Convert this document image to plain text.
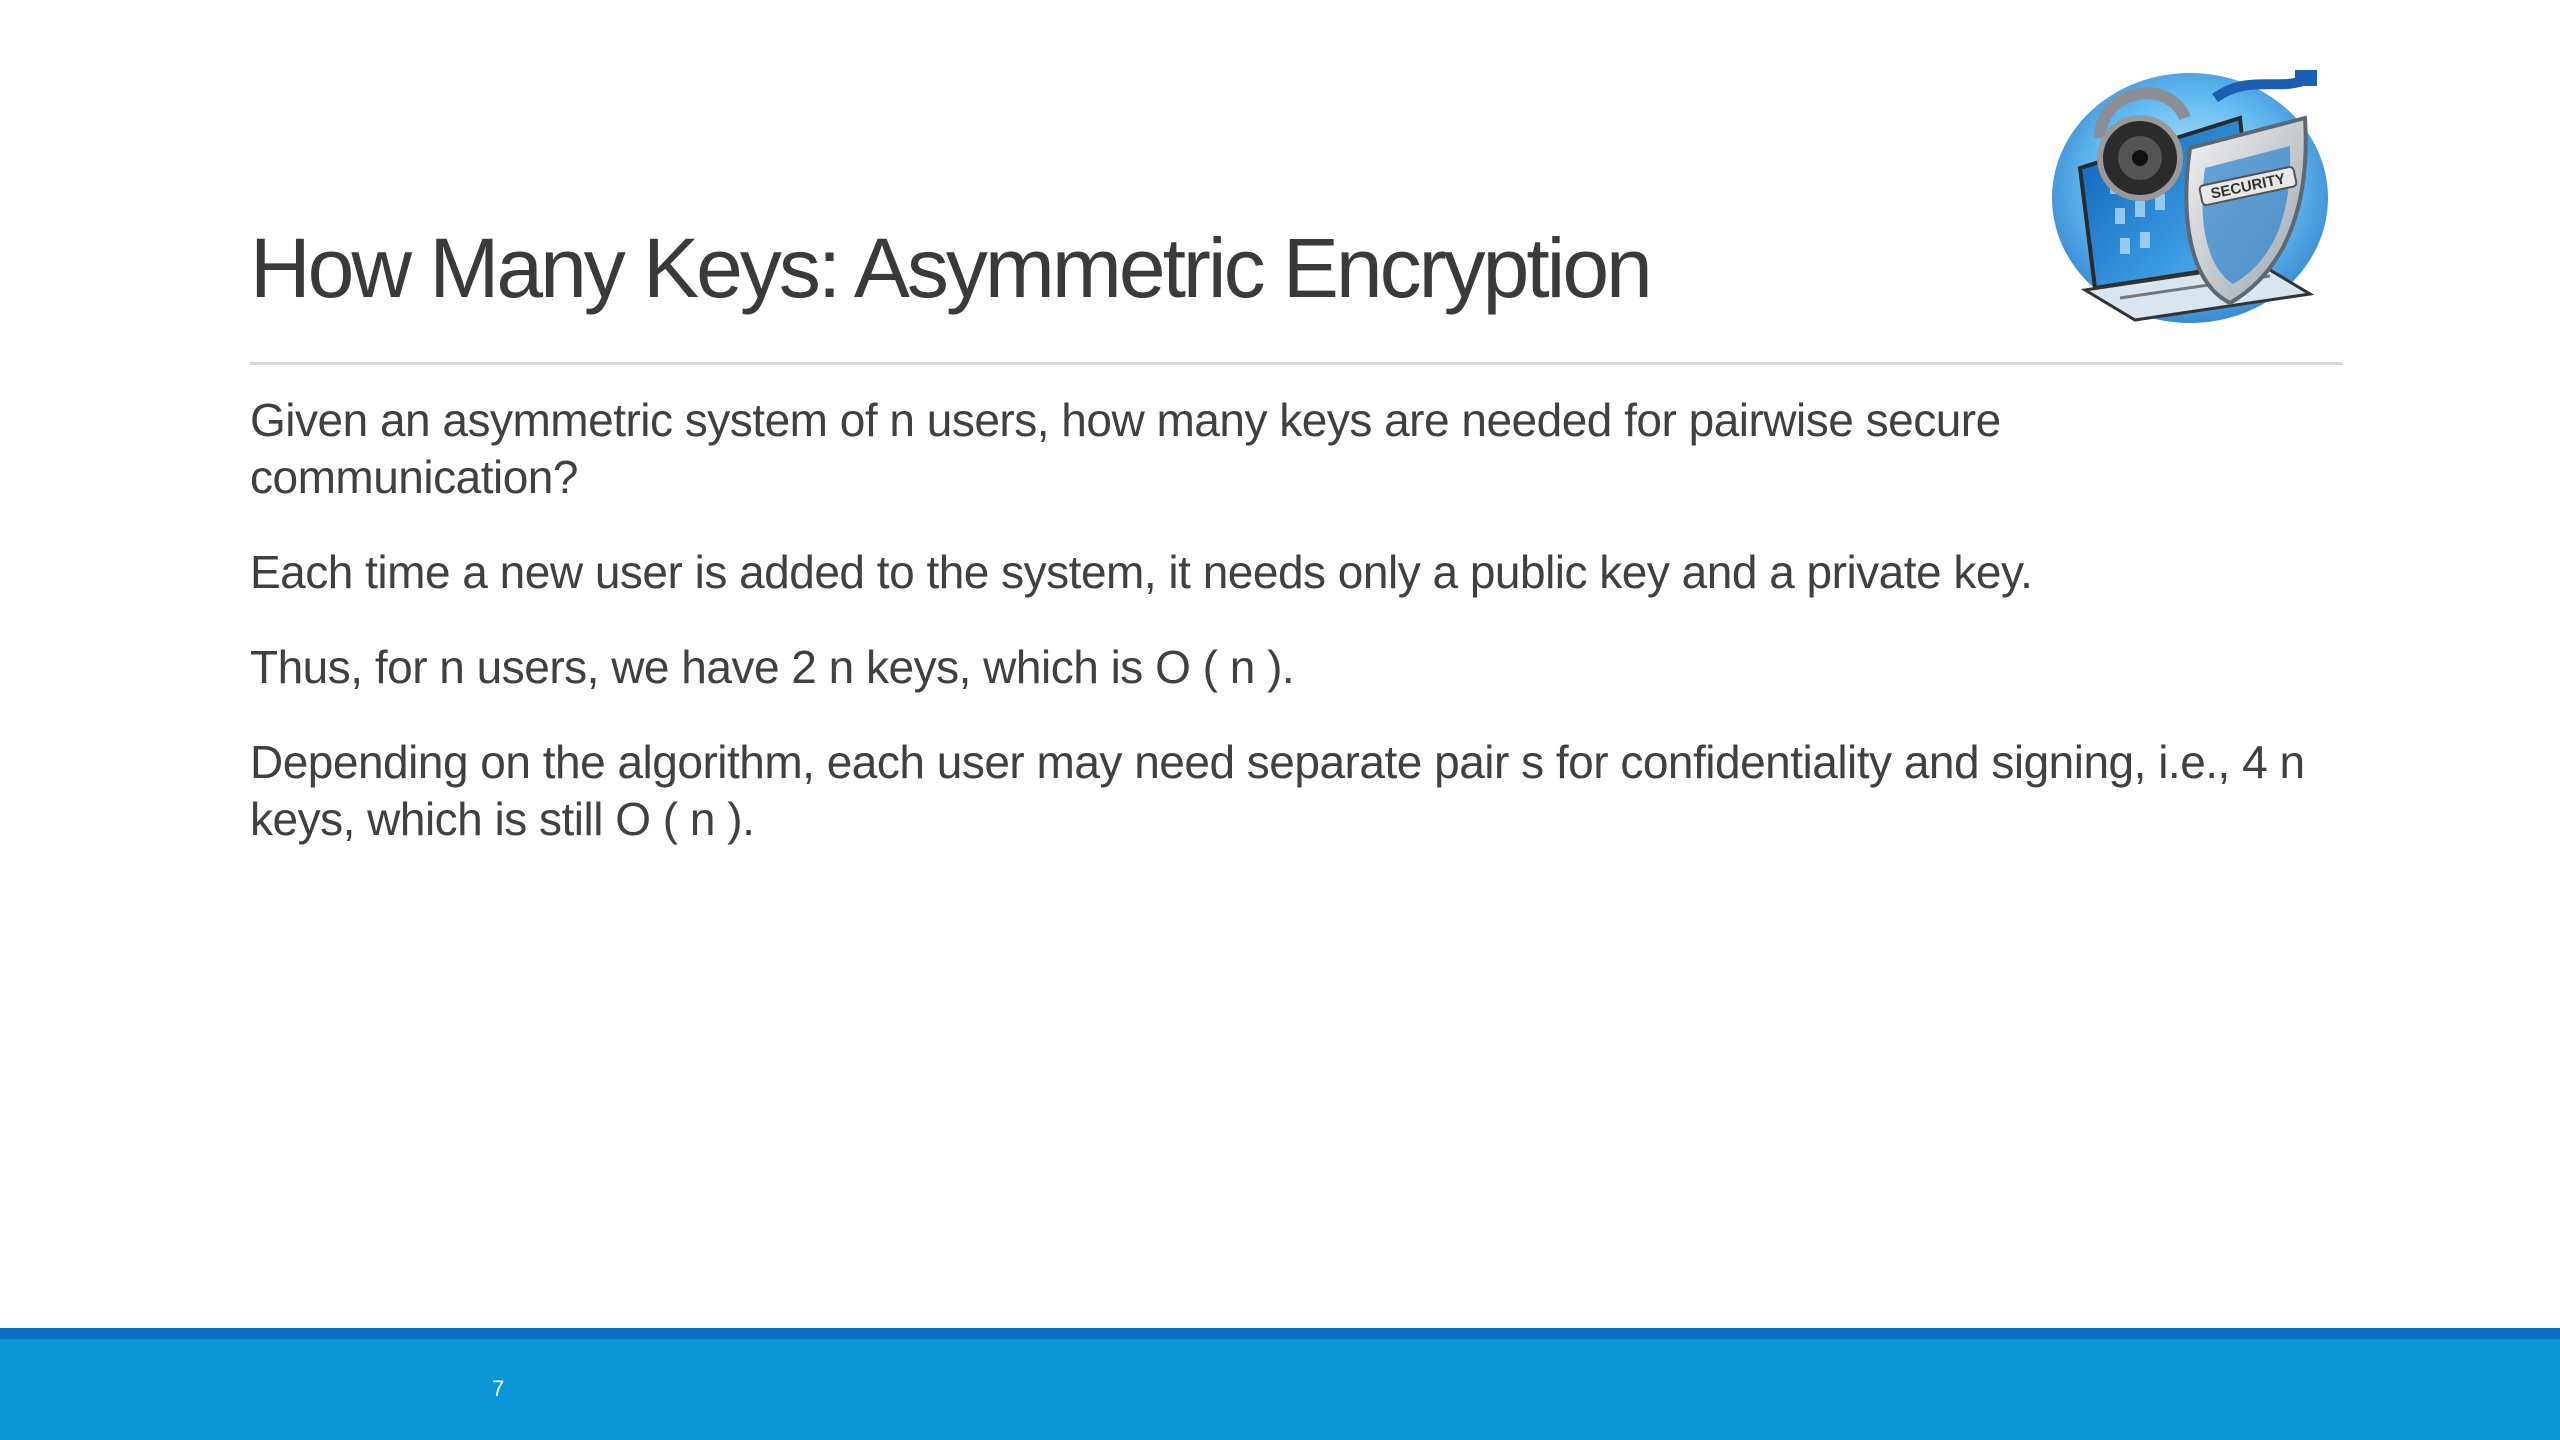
How Many Keys: Asymmetric Encryption
SECURITY

Given an asymmetric system of n users, how many keys are needed for pairwise secure communication?

Each time a new user is added to the system, it needs only a public key and a private key.

Thus, for n users, we have 2 n keys, which is O ( n ).

Depending on the algorithm, each user may need separate pair s for confidentiality and signing, i.e., 4 n keys, which is still O ( n ).

7
